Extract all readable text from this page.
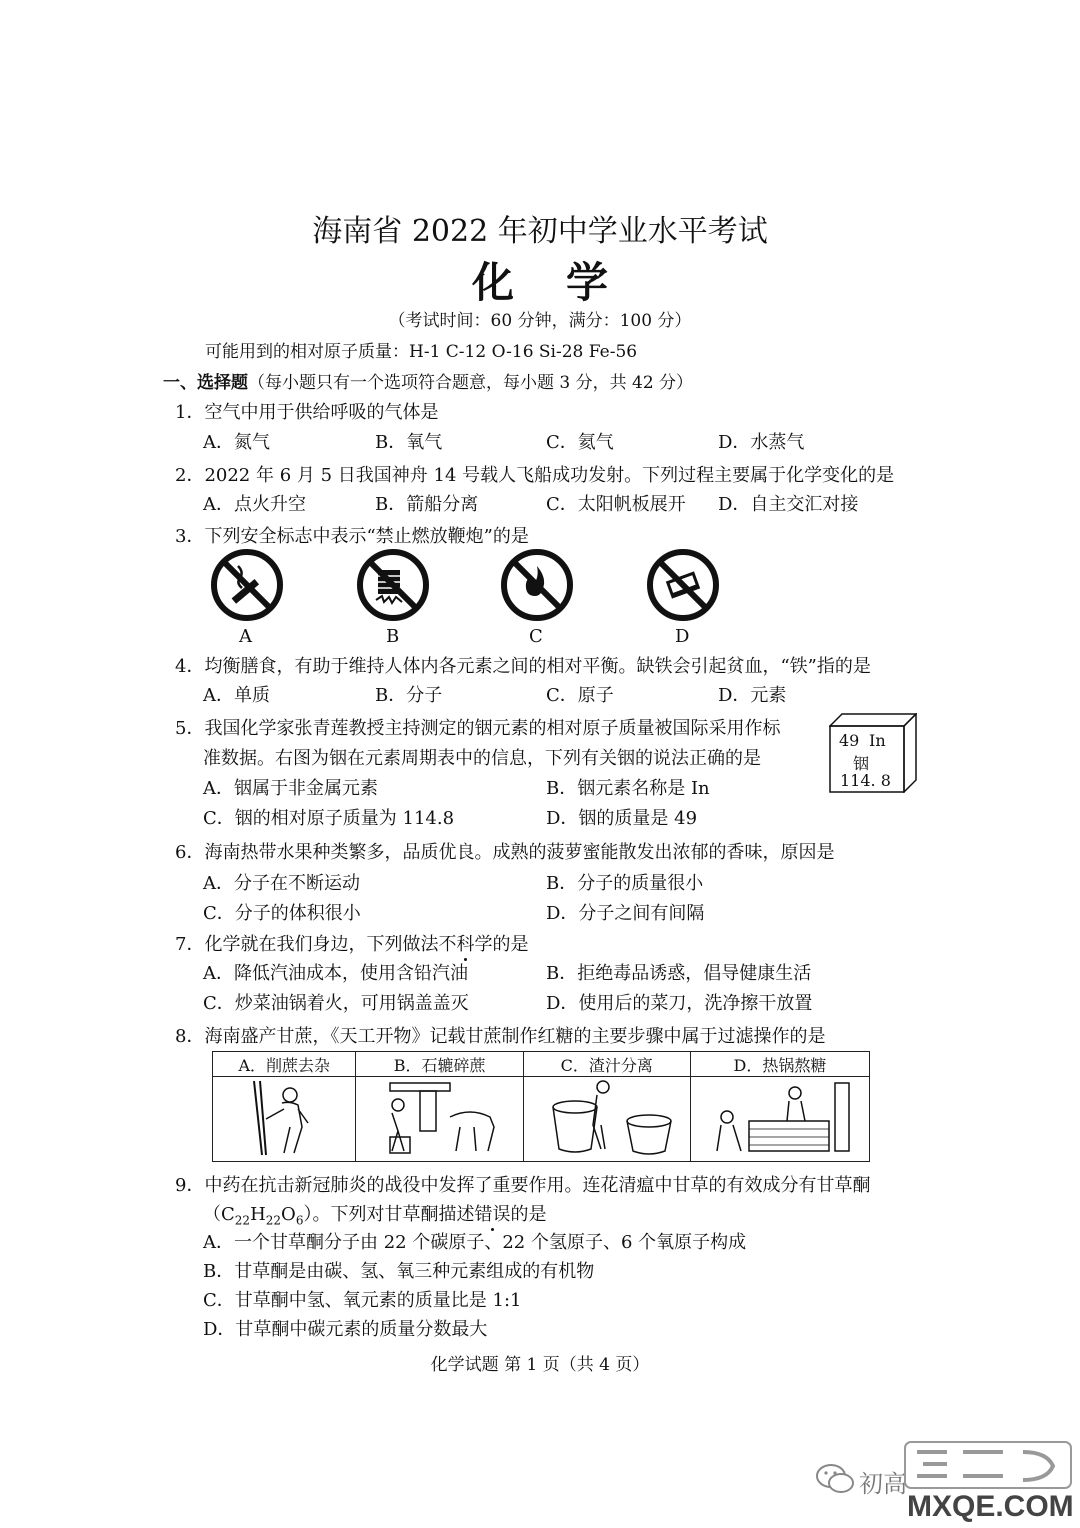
海南省 2022 年初中学业水平考试
化学
（考试时间：60 分钟，满分：100 分）
可能用到的相对原子质量：H-1 C-12 O-16 Si-28 Fe-56
一、选择题（每小题只有一个选项符合题意，每小题 3 分，共 42 分）
1．空气中用于供给呼吸的气体是
A．氮气	B．氧气	C．氦气	D．水蒸气
2．2022 年 6 月 5 日我国神舟 14 号载人飞船成功发射。下列过程主要属于化学变化的是
A．点火升空	B．箭船分离	C．太阳帆板展开 D．自主交汇对接
3．下列安全标志中表示“禁止燃放鞭炮”的是
A	B	C	D
4．均衡膳食，有助于维持人体内各元素之间的相对平衡。缺铁会引起贫血，“铁”指的是
A．单质	B．分子	C．原子	D．元素
5．我国化学家张青莲教授主持测定的铟元素的相对原子质量被国际采用作标
准数据。右图为铟在元素周期表中的信息，下列有关铟的说法正确的是
A．铟属于非金属元素	B．铟元素名称是 In
C．铟的相对原子质量为 114.8	D．铟的质量是 49
49 In
铟
114. 8
6．海南热带水果种类繁多，品质优良。成熟的菠萝蜜能散发出浓郁的香味，原因是
A．分子在不断运动	B．分子的质量很小
C．分子的体积很小	D．分子之间有间隔
7．化学就在我们身边，下列做法不科学的是
A．降低汽油成本，使用含铅汽油	B．拒绝毒品诱惑，倡导健康生活
C．炒菜油锅着火，可用锅盖盖灭	D．使用后的菜刀，洗净擦干放置
8．海南盛产甘蔗，《天工开物》记载甘蔗制作红糖的主要步骤中属于过滤操作的是
A．削蔗去杂	B．石辘碎蔗	C．渣汁分离	D．热锅熬糖

9．中药在抗击新冠肺炎的战役中发挥了重要作用。连花清瘟中甘草的有效成分有甘草酮
$(C_{22}H_{22}O_6)$。下列对甘草酮描述错误的是
A．一个甘草酮分子由 22 个碳原子、22 个氢原子、6 个氧原子构成
B．甘草酮是由碳、氢、氧三种元素组成的有机物
C．甘草酮中氢、氧元素的质量比是 1:1
D．甘草酮中碳元素的质量分数最大
化学试题 第 1 页（共 4 页）
初高
MXQE.COM
